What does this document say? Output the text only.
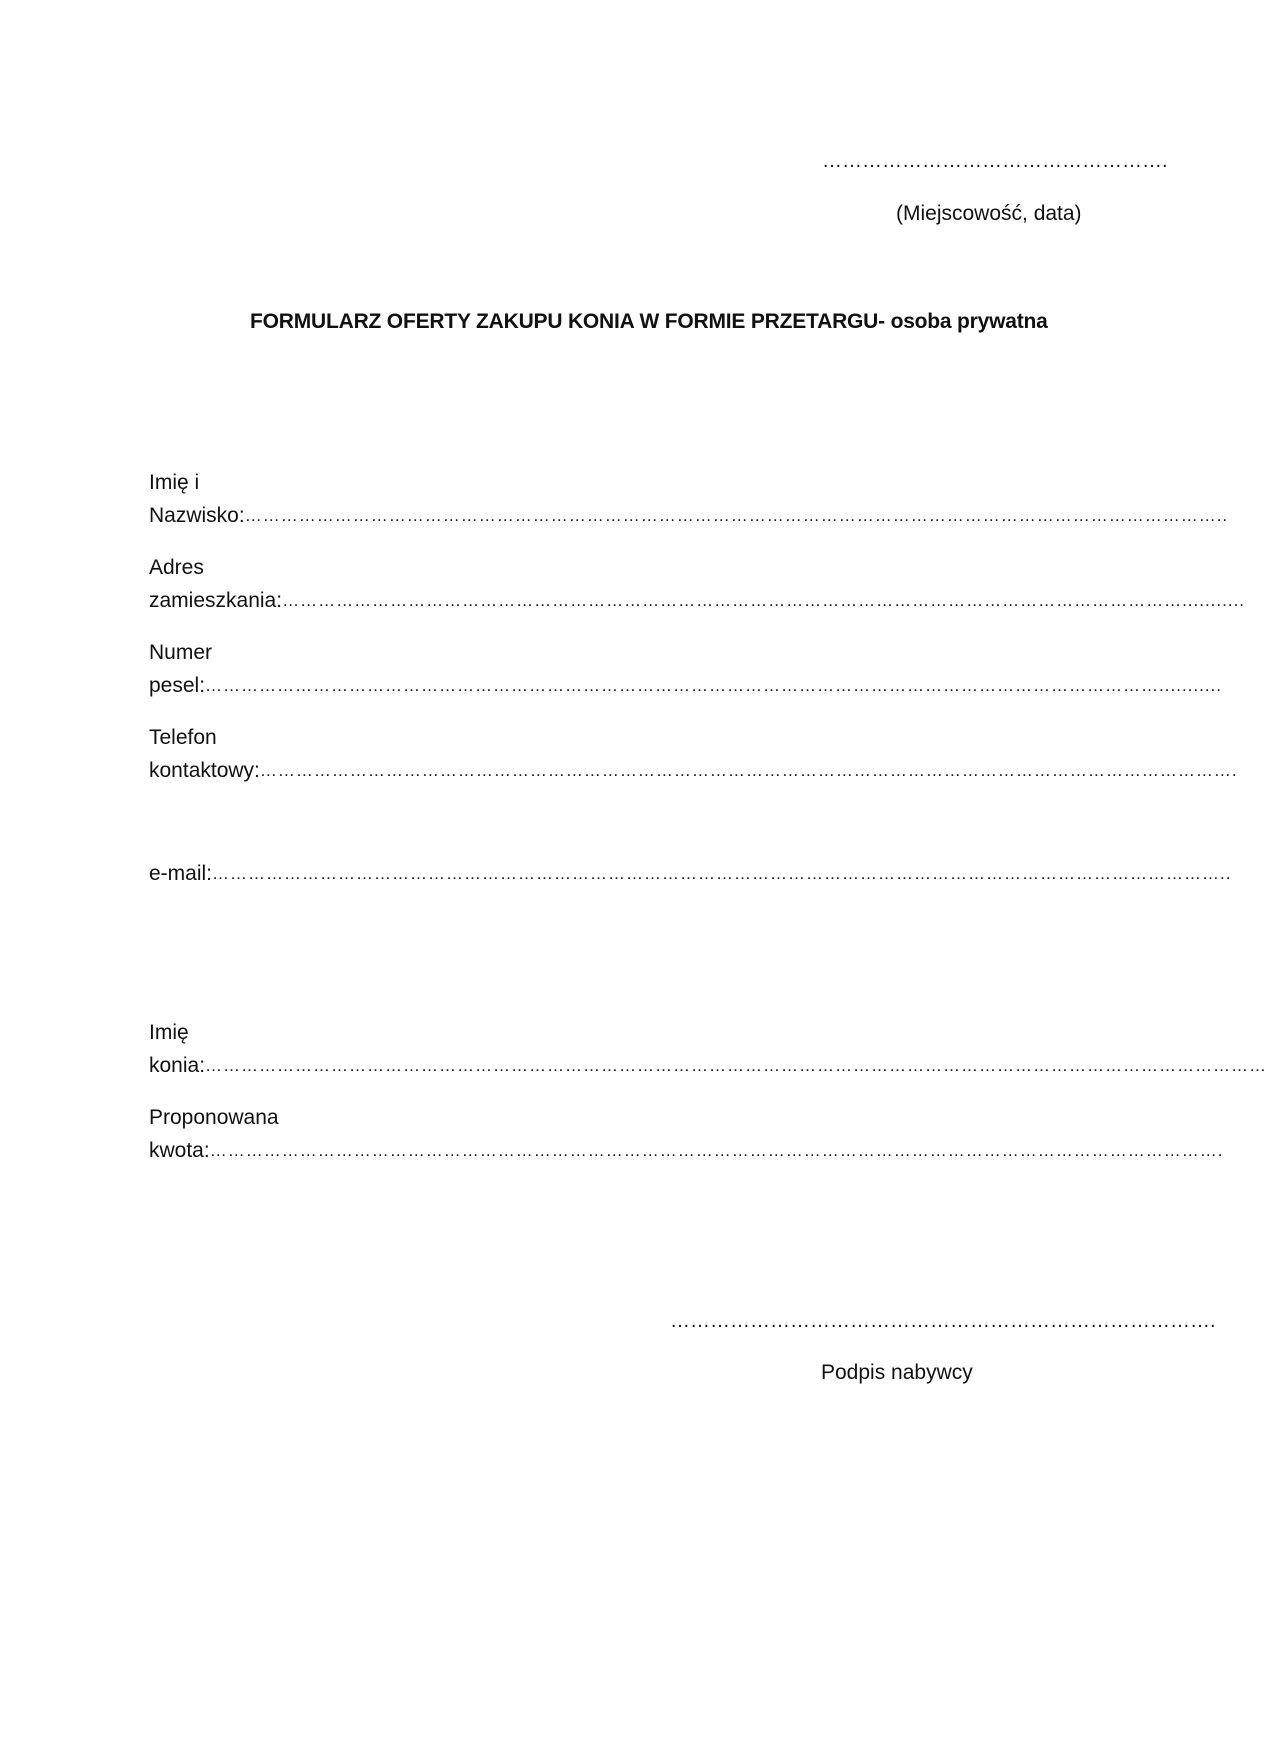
…………………………………………….
(Miejscowość, data)
FORMULARZ OFERTY ZAKUPU KONIA W FORMIE PRZETARGU- osoba prywatna
Imię i
Nazwisko: ………………………………………………………………………………………………………………………………………………..
Adres
zamieszkania: ……………………………………………………………………………………………………………………………………...........
Numer
pesel: ……………………………………………………………………………………………………………………………………………...........
Telefon
kontaktowy: ……………………………………………………………………………………………………………………………………………….
e-mail: ……………………………………………………………………………………………………………………………………………………..
Imię
konia: ……………………………………………………………………………………………………………………………………………………………
Proponowana
kwota: …………………………………………………………………………………………………………………………………………………….
……………………………………………………………………….
Podpis nabywcy
